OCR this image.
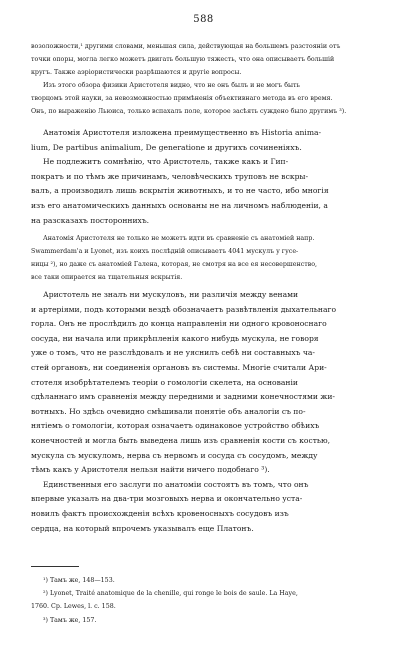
588

возоложности,¹ другими словами, меньшая сила, действующая на большемъ разстояніи отъ

точки опоры, могла легко можетъ двигать большую тяжесть, что она описываетъ большій

кругъ. Также аэріористически разрѣшаются и другіе вопросы.

Изъ этого обзора физики Аристотеля видно, что не онъ былъ и не могъ быть

творцомъ этой науки, за невозможностью примѣненія объективнаго метода въ его время.

Онъ, по выраженію Льюиса, только вспахалъ поле, которое засѣять суждено было другимъ ³).

Анатомія Аристотеля изложена преимущественно въ Historia anima-

lium, De partibus animalium, De generatione и другихъ сочиненіяхъ.

Не подлежитъ сомнѣнію, что Аристотель, также какъ и Гип-

пократъ и по тѣмъ же причинамъ, человѣческихъ труповъ не вскры-

валъ, а производилъ лишь вскрытія животныхъ, и то не часто, ибо многія

изъ его анатомическихъ данныхъ основаны не на личномъ наблюденіи, а

на разсказахъ постороннихъ.

Анатомія Аристотеля не только не можетъ идти въ сравненіе съ анатоміей напр.

Swammerdam'а и Lyonet, изъ коихъ послѣдній описываетъ 4041 мускулъ у гусе-

ницы ²), но даже съ анатоміей Галена, которая, не смотря на все ея несовершенство,

все таки опирается на тщательныя вскрытія.

Аристотель не зналъ ни мускуловъ, ни различія между венами

и артеріями, подъ которыми вездѣ обозначаетъ развѣтвленія дыхательнаго

горла. Онъ не прослѣдилъ до конца направленія ни одного кровоноснаго

сосуда, ни начала или прикрѣпленія какого нибудь мускула, не говоря

уже о томъ, что не разслѣдовалъ и не уяснилъ себѣ ни составныхъ ча-

стей органовъ, ни соединенія органовъ въ системы. Многіе считали Ари-

стотеля изобрѣтателемъ теоріи о гомологіи скелета, на основаніи

сдѣланнаго имъ сравненія между передними и задними конечностями жи-

вотныхъ. Но здѣсь очевидно смѣшивали понятіе объ аналогіи съ по-

нятіемъ о гомологіи, которая означаетъ одинаковое устройство обѣихъ

конечностей и могла быть выведена лишь изъ сравненія кости съ костью,

мускула съ мускуломъ, нерва съ нервомъ и сосуда съ сосудомъ, между

тѣмъ какъ у Аристотеля нельзя найти ничего подобнаго ³).

Единственныя его заслуги по анатоміи состоятъ въ томъ, что онъ

впервые указалъ на два-три мозговыхъ нерва и окончательно уста-

новилъ фактъ происхожденія всѣхъ кровеносныхъ сосудовъ изъ

сердца, на который впрочемъ указывалъ еще Платонъ.

¹) Тамъ же, 148—153.

²) Lyonet, Traité anatomique de la chenille, qui ronge le bois de saule. La Haye,

1760. Ср. Lewes, l. c. 158.

³) Тамъ же, 157.
